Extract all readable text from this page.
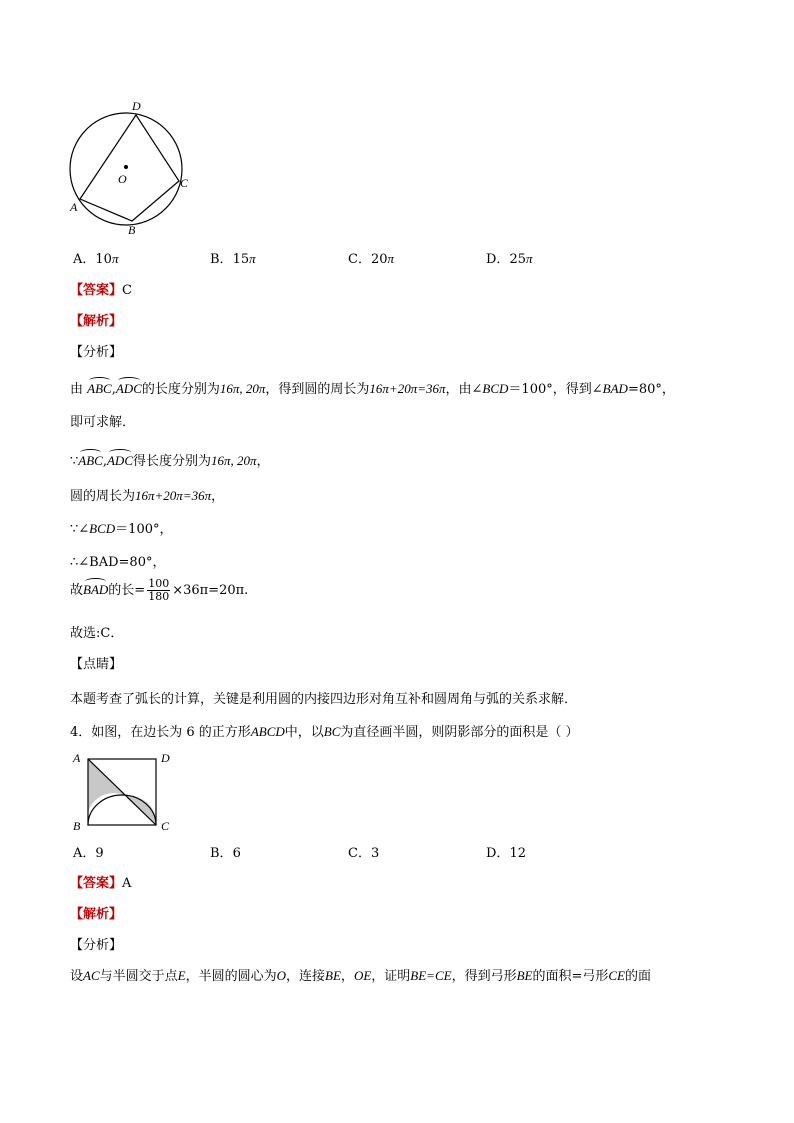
D
O	C
A
B
A．10π	B．15π	C．20π	D．25π
【答案】C
【解析】
【分析】
由 ABC,ADC的长度分别为16π, 20π，得到圆的周长为16π+20π=36π，由∠BCD＝100°，得到∠BAD=80°，
即可求解．
∵ABC,ADC得长度分别为16π, 20π，
圆的周长为16π+20π=36π，
∵∠BCD＝100°，
∴∠BAD=80°，
故BAD的长= $\frac{100}{180} \times 36\pi=20\pi$.
故选:C．
【点睛】
本题考查了弧长的计算，关键是利用圆的内接四边形对角互补和圆周角与弧的关系求解．
4．如图，在边长为 6 的正方形ABCD中，以BC为直径画半圆，则阴影部分的面积是（ ）
A	D
B	C
A．9	B．6	C．3	D．12
【答案】A
【解析】
【分析】
设AC与半圆交于点E，半圆的圆心为O，连接BE，OE，证明BE=CE，得到弓形BE的面积=弓形CE的面
